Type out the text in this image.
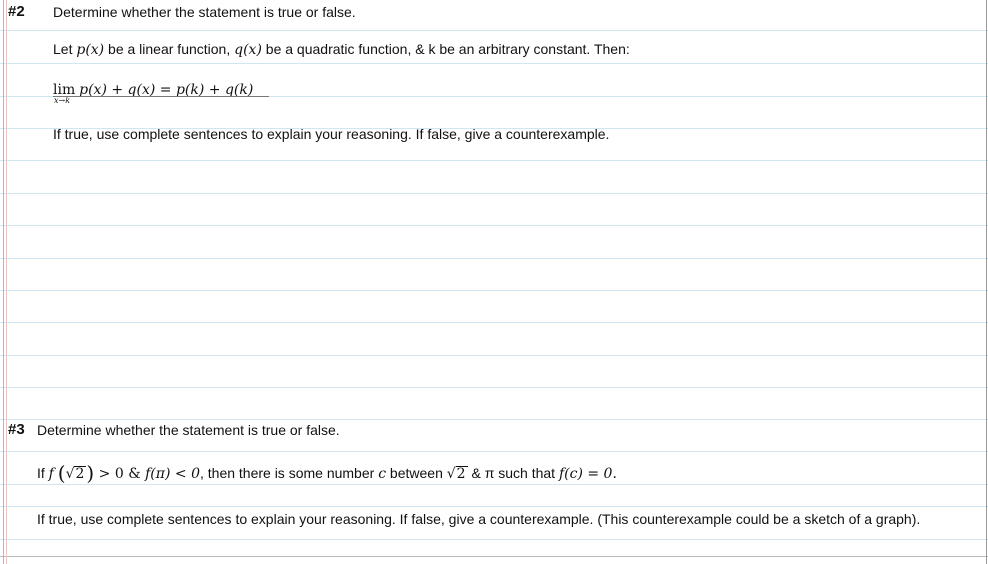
#2 Determine whether the statement is true or false.
Let p(x) be a linear function, q(x) be a quadratic function, & k be an arbitrary constant. Then:
lim p(x) + q(x) = p(k) + q(k)
x→k
If true, use complete sentences to explain your reasoning. If false, give a counterexample.
#3 Determine whether the statement is true or false.
If f (√2 ) > 0 & f(π) < 0, then there is some number c between √2 & π such that f(c) = 0.
If true, use complete sentences to explain your reasoning. If false, give a counterexample. (This counterexample could be a sketch of a graph).
